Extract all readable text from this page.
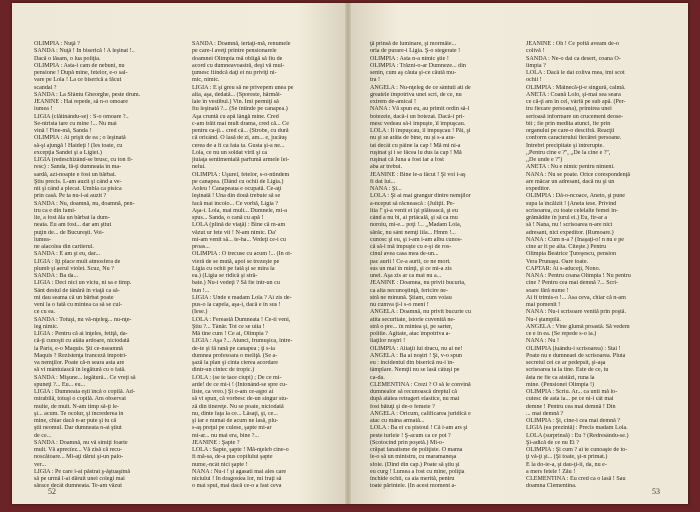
OLIMPIA : Nuţă ?
SANDA : Nuţă ! În biserică ! A leşinat !..
Dacă o lăsam, o lua poliţia.
OLIMPIA : Asta-i cam de nebuni, nu
pensione ! După mine, fetelor, e-o sal-
vare pe Lola ! La ce biserică a făcut
scandal ?
SANDA : La Sfântu Gheorghe, peste drum.
JEANINE : Hai repede, să n-o omoare
lumea !
LIGIA (clătinându-se) : S-o omoare ?..
Se-ntrista tare cu mine !... Nu mai
vină ! Fine-mă, Sanda !
OLIMPIA : Ai prişit de ea ; o leşinată
să-şi ajungă ! Haideţi ! (Ies toate, cu
excepţia Sandei şi a Ligiei.)
LIGIA (redeschizând-se brusc, cu ton fi-
resc) : Sanda, fă-ţi dumneata în ma-
sardă, azi-noapte e fost un bărbat.
Ştiu precis. L-am auzit şi când a ve-
nit şi când a plecat. Umbla ca pisica
prin casă. Pe ta nu-l-ai auzit ?
SANDA : Nu, doamnă, nu, doamnă, pen-
tru ca e din fami-
lie, a fost ăla un bărbat la dum-
neata. Eu am fost... dar am ştiut
puţin de... de Bucureşti. Voi-
lumea-
ne alacolea din cartierul.
SANDA : E am şi eu, dar...
LIGIA : Îţi place mult atmosfera de
plumb şi aerul violet. Scuz, Nu ?
SANDA : Ba da...
LIGIA : Deci nici un viciu, ni sa e timp.
Sânt destul de tânără în viaţă ca să-
mi dau seama că un bărbat poate
veni la o fată cu mintea ca să se cul-
ce cu ea.
SANDA : Totuşi, nu vă-nţeleg... nu-nţe-
leg nimic.
LIGIA : Pentru că ai înţeles, fetiţă, da-
că-ţi cunoşti cu atâta ardoare, niciodată
la Paris, e-o Maquis. Şti ce-nseamnă
Maquis ? Rezistenţa franceză împotri-
va nemţilor. Poate că-n seara asta are
să vi mântuiască în legătură cu o fată.
SANDA : Mişune... legătură... Ce vreţi să
spuneţi ?... Eu... eu...
LIGIA : Dumneata eşti încă o copilă. Ad-
mirabilă, totuşi o copilă. Am observat
multe, de mult. N-am timp să-ţi le-
şi... acum. Te ocolur, şi încrederea in
mine, chiar dacă n-ar pute şi tu că
ştii neomul. Dar dumneata n-ai ştiut
de ce...
SANDA : Doamnă, nu vă simiţi foarte
mult. Vă aprecîez... Vă zisă că recu-
noscătoare... Mi-aţi dărui şi-un palo-
ver...
LIGIA : Pe care i-ai păstrat ş-ăştuaşîmă
să pe urmă l-ai dăruit unei colegi mai
sărace decât dumneata. Te-am văzut
SANDA : Doamnă, iertaţi-mă, renumele
pe care-l aveţi printre pensionarele
doamnei Olimpia mă obligă să fiu de
acord cu dumneavoastră, deşi vă mul-
ţumesc fiindcă daţi ei nu priviţi ni-
mic, nimic.
LIGIA : E şi greu să ne privepem unea pe
alta, aşa, dedată... (Sporeste, hărmăi-
laie în vestibul.) Vin. Îmi permiţi să
fiu leşinată ?... (Se întinde pe canapea.)
Aşa cruntă cu apă lângă mine. Cred
c-am trăit mai mult drama, cred că... Ce
pentru ca-ţi... cred că... (Strobe, cu dură
că oricând. O lasă de zi, am... e, jucăuş
cerea de a fi ca fata ta. Gusta şi-a ne...
Lola, ce nu un soldat viril şi ca
jiuiaţa sentimentală parfumă armele lei-
nelui.
OLIMPIA : Uşurel, fetelor, s-o-ntindem
pe canapea. (Dând cu ochii de Ligia.)
Aoleu ! Canapeaua e ocupată. Ce-aţi
leşinată ! Una din două trebuie să se
facă mai încolo... Ce vorbă, Ligia ?
Aşa-i. Lola, mai mult... Dumnele, mi-a
spus... Sanda, o cană cu apă !
LOLA (plină de viaţă) : Bine că m-am
văzut ur fete vii ! N-am nimic. Da'
mi-am venit să... te-ha... Vedeţi ce-i cu
proas...
OLIMPIA : O trecuse cu acum !... (În ot-
vieră de se mută, apoi se trezeşte pe
Ligia cu ochii pe fată şi se mira la
ea.) (Ligia se ridică şi stră-
bate.) Nu-i vedeţi ? Să fie intr-un cu
bun !...
LIGIA : Unde e madam Lola ? Ai zis de-
pus-o la capela, aşa-i, dacă e în sus !
(Iese.)
LOLA : Fereastă Dumneata ! Ce-ti veni,
Ştiu ?... Tânăr. Tot ce se uita !
Mă tine cum ! Ce ai, Olimpia ?
LIGIA : Aşa ?... Atunci, frumuşica, între-
de-te şi fă rană pe canapea ; ţi s-ia
dumnea profesoara o meliţă. (Se a-
şază la plan şi cinta cierea acordare
dintr-un cintec de tropic.)
LOLA : (se te tace ciupi) ; De ce mi-
arde! de ce mi-i ! (Intonând-se spre cu-
liste, ca vreo.) Şi o-am ce-aşpo ai
să vi spun, că vorbesc de-un singur stu-
ză din tinereţe. Nu se poate, niciodată
nu, dinte faţa la ce... Lăsaţi, şi, ce...
şi iar e numai de acum ne lasă, plu-
s-aş preţui pe culese, şapte mi-ar
mi-ar... nu mai era, bine ?...
JEANINE : Şapte ?
LOLA : Sapte, şapte ! Mă-nţeleb cine-o
fi mă-sa, de-a pus copilului şapte
nume,-ncât nici şapte !
NANA : Nu-i ! şi agasati mai ales care
niciului ! În dragostea lor, mi fraţi să
o mai spui, mai dacă ce-o a fast ceva
52
ţă prinsă de luminare, şi mormăie...
oria de purare-i Ligia. Ş-o stegerate !
OLIMPIA : Asta n-a nimic ştie !
OLIMPIA : Trăzni-o-ar Dumneze... din
senin, cum aş căuta şi-ce căută mu-
tra !
ANGELA : Nu-nţeleg de ce sântuti ati de
greatele împotriva unei scri, de ce, nu
extrem de-amical !
NANA : Vă spun eu, au primit ordin să-l
botezeie, dacă-i un botezat. Dacă-i pri-
mesc vedeau să-l împuşte, îl împuşcau.
LOLA : Îl împuşcau, îl împuşcau ! Păi, şi
nu şi se arăta de bine, nu și s-a ara-
tat decât cu pâine la cap ! Mă mi ni-a
ruşinat şi i se făcea lu dus la cap ! Mă
ruşinat că Juna a fost iar a fost
aba ar trebui.
JEANINE : Bine le-a făcut ! Şi voi i-aş
fi dat lui...
NANA : Şi...
LOLA : Şi ai mai grangur dintre nemţilor
a-nceput să răcnească : (Juliţii. Pe-
ltia !' şi-a venit ei îşi plătească, şi eu
când a nu bi, ai priâcală, şi să ca mu
noroiu, mi-e... poţi !... ,,Madam Lola,
sărăc, nu sânt nemţi lila... Hmm !...
cunosc şi eu, şi i-am i-am albu cunos-
că să-l mă împuşte cu e-şi de ros-
cinul avea casa mea de-un...
pac aurit ! Ce-a aurit, ce ne mort.
sus un mai în minţi, şi ce mi-a zis
unei. Aşa zis ar ca mai nu a...
JEANINE : Doamna, nu privit bucuria,
ca alta necunoştinţă, fericire ne-
stră ne minună. Ştiam, cum voiau
nu cumva ţi-l s-o meni !
ANGELA : Doamnă, nu privit bucurie cu
atita securitate, istorie cuvenită ne-
stră o pre... în mintea şi, pe sarter,
politie. Agitate, atac împotriva a-
liaţilor noştri !
OLIMPIA : Aliaţii lui dracu, nu ai ne!
ANGELA : Ba ai noştri ! Şi, v-o spun
eu : incidentul din biserică nu-i în-
tâmplare. Nemţii nu se lasă câtuşi pe
ca-da.
CLEMENTINA : Crezi ? O să le convină
dumnealor să recunoască dreptul că
după atâtea retrageri elastice, nu mai
fost bătuţi şi de-o femeie ?
ANGELA : Oricum, calificarea juridică e
atac cu mâna armată...
LOLA : Ba ei cu pistoul ! Că î-am ars şi
peste turleie ! Ş-acum ca ce pot ?
(Scotocind prin poşetă.) Mi-o-
crăpat fanatisme de poliţiste. O mama
le-o să un ministru, cu maramaneşa
sfoie. (Dind din cap.) Poate să ştiu şi
eu curg ! Lumea a fost cu mine, poliţia
închide ochii, ca aia merită, pentru
toate părintele. (În acest moment a-
JEANINE : Oh ! Ce poftă aveam de-o
colivă !
SANDA : Ne-o dai ca desert, coana O-
limpia ?
LOLA : Dacă le dai coliva mea, îmi scot
ochii !
OLIMPIA : Mâinecă-ţi-e singură, calmă.
ANETA : Coană Lolo, şi-mai sea seara
ce că-ţi am în cel, vârfă pe sub apă. (Per-
tru fiecare persoana), primirea unei
serioasă informare un crucement deose-
bit ; fie prin medita atunci, fie prin
organului pe care-o descifră. Reacţii
conform caracterului fiecărei persoane.
Întrebri precipitate şi întrerupte.
,,Pentru cine e ?'', ,,De la cine e ?'',
,,De unde e ?'')
ANETA : Nu e nimic pentru nimeni.
NANA : Nu se poate. Orice corespondenţă
are măcar un adresant, dacă nu şi un
expeditor.
OLIMPIA : Dă-o-ncoace, Aneto, şi pune
supa la încălzit ! (Aneta iese. Privind
scrisoarea, cu toate celelalte femei în-
grămădite în jurul ei.) Eu, fir-ar a
să ! Nana, nu ! scrisoarea n-are nici
adresant, nici expeditor. (Rumoare.)
NANA : Cum n-a ? (Înaşaţi-o! n nu e pe
cine ar fi pe alta. Citeşte.) Pentru
Olimpia Beatrice Ţureşescu, pension
Vera Prunaşu. Oare toate.
CAPTAR: Ai s-aduceţi, Nono.
NANA : Pentru coana Olimpia ! Nu pentru
cine ? Pentru cea mai demnă ?... Scri-
soare fără nume !
Ai fi trimis-o !... Asa ceva, chiar că n-am
mai pomenit !
NANA : Nu-i scrisoare venită prin poştă.
Nu-i ştampilă.
ANGELA : Vine glumă proastă. Să vedem
ce e în ea. (Se repede s-o ia.)
NANA : Nu !
OLIMPIA (luându-i scrisoarea) : Stai !
Poate nu e dumneaei de scrisoarea. Pluta
secretul cei ce ar pedepsit, şi-aşa
scrisoarea ta la tine. Este de ce, tu
ăsta ne fie ca aistăzi, runa la
mine. (Pensionei Olimpia !)
OLIMPIA : Scriu. Ar... ca unii mă lo-
cuiesc de asta ia... pe ce ni-i cât mai
demne ! Pentru cea mai demnă ! Din
... mai demnă ?
OLIMPIA : Şi, cine-i cea mai demnă ?
LIGIA (ea prezintă) : Precis madam Lola.
LOLA (surprinsă) : Eu ? (Redresându-se.)
Şi-adică de ce nu Ei ?
OLIMPIA : Şi cum ? ai te cunoaşte de to-
ţi vă-ţi şi... (Şi toate, şi-n primat.)
E la do-ie-a, şi dau-ţi-ii, da, nu e-
a mers fetele ! Zău !
CLEMENTINA : Eu cred ca o lasă ! Sau
doamna Clementina.
53
